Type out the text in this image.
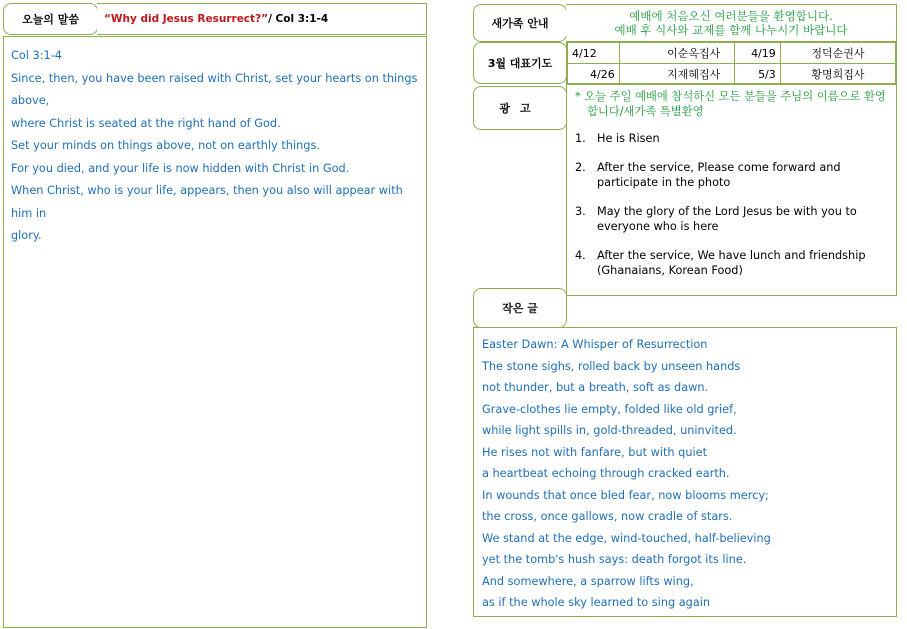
오늘의 말씀	“Why did Jesus Resurrect?” / Col 3:1-4

Col 3:1-4

Since, then, you have been raised with Christ, set your hearts on things above,

where Christ is seated at the right hand of God.

Set your minds on things above, not on earthly things.

For you died, and your life is now hidden with Christ in God.

When Christ, who is your life, appears, then you also will appear with him in

glory.

새가족 안내
예배에 처음오신 여러분들을 환영합니다.
예배 후 식사와 교제를 함께 나누시기 바랍니다
3월 대표기도
4/12	이순옥집사	4/19	정덕순권사
4/26	지재혜집사	5/3	황명희집사
광고

* 오늘 주일 예배에 참석하신 모든 분들을 주님의 이름으로 환영합니다/새가족 특별환영

1. He is Risen
2. After the service, Please come forward and
participate in the photo
3. May the glory of the Lord Jesus be with you to
everyone who is here
4. After the service, We have lunch and friendship
(Ghanaians, Korean Food)
작은 글

Easter Dawn: A Whisper of Resurrection

The stone sighs, rolled back by unseen hands

not thunder, but a breath, soft as dawn.

Grave-clothes lie empty, folded like old grief,

while light spills in, gold-threaded, uninvited.

He rises not with fanfare, but with quiet

a heartbeat echoing through cracked earth.

In wounds that once bled fear, now blooms mercy;

the cross, once gallows, now cradle of stars.

We stand at the edge, wind-touched, half-believing

yet the tomb's hush says: death forgot its line.

And somewhere, a sparrow lifts wing,

as if the whole sky learned to sing again
